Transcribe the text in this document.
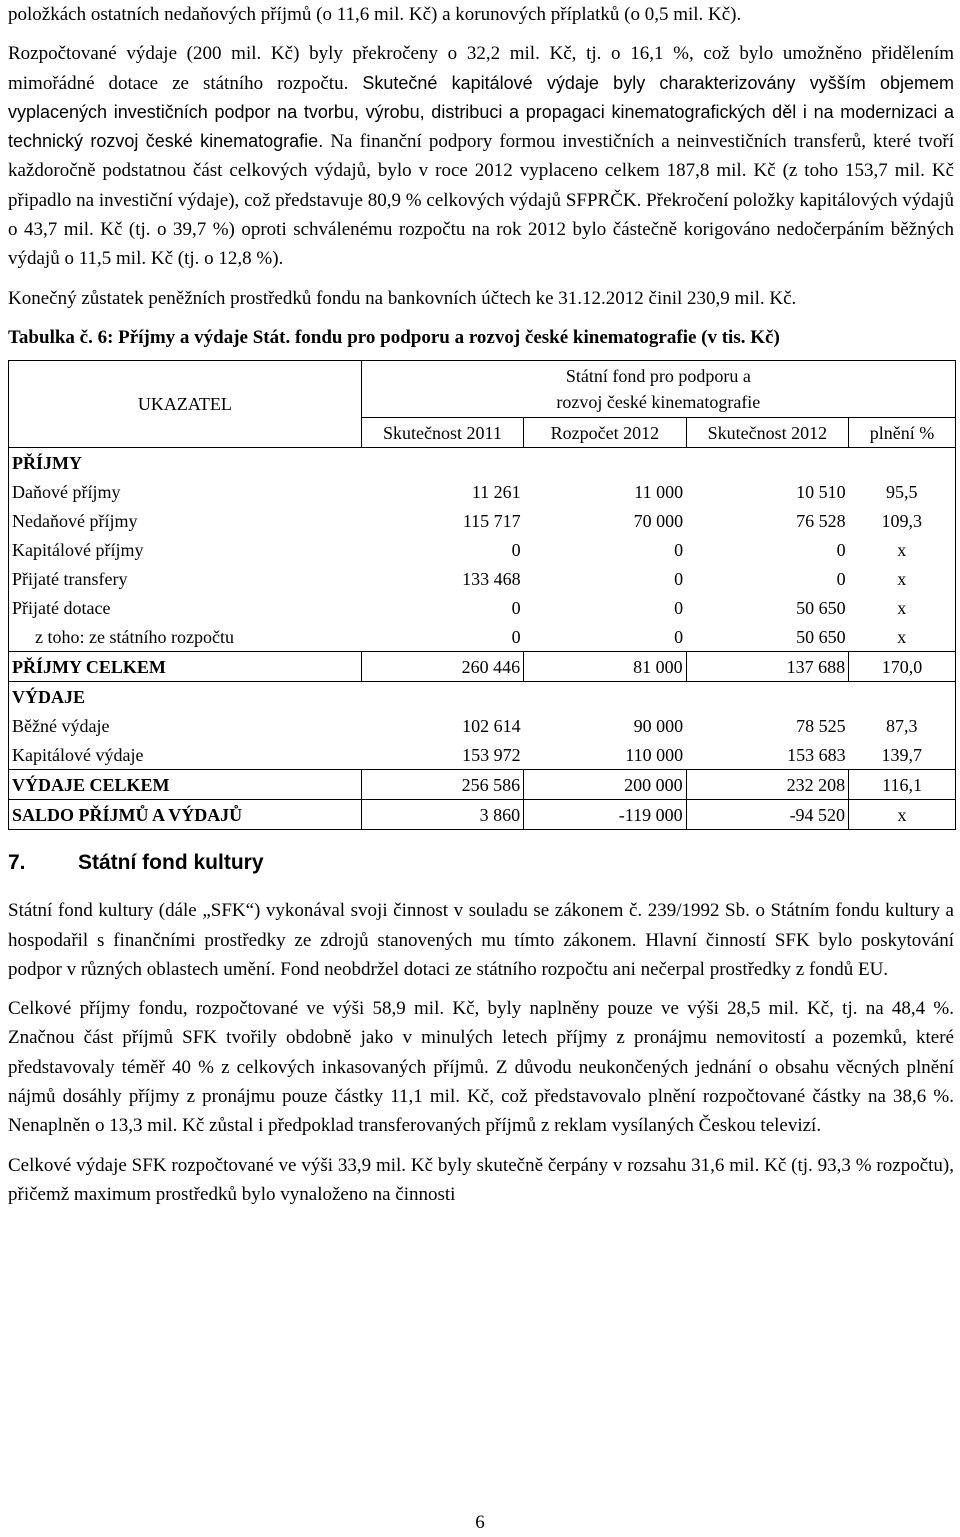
položkách ostatních nedaňových příjmů (o 11,6 mil. Kč) a korunových příplatků (o 0,5 mil. Kč).

Rozpočtované výdaje (200 mil. Kč) byly překročeny o 32,2 mil. Kč, tj. o 16,1 %, což bylo umožněno přidělením mimořádné dotace ze státního rozpočtu. Skutečné kapitálové výdaje byly charakterizovány vyšším objemem vyplacených investičních podpor na tvorbu, výrobu, distribuci a propagaci kinematografických děl i na modernizaci a technický rozvoj české kinematografie. Na finanční podpory formou investičních a neinvestičních transferů, které tvoří každoročně podstatnou část celkových výdajů, bylo v roce 2012 vyplaceno celkem 187,8 mil. Kč (z toho 153,7 mil. Kč připadlo na investiční výdaje), což představuje 80,9 % celkových výdajů SFPRČK. Překročení položky kapitálových výdajů o 43,7 mil. Kč (tj. o 39,7 %) oproti schválenému rozpočtu na rok 2012 bylo částečně korigováno nedočerpáním běžných výdajů o 11,5 mil. Kč (tj. o 12,8 %).

Konečný zůstatek peněžních prostředků fondu na bankovních účtech ke 31.12.2012 činil 230,9 mil. Kč.

Tabulka č. 6: Příjmy a výdaje Stát. fondu pro podporu a rozvoj české kinematografie (v tis. Kč)
UKAZATEL	Státní fond pro podporu a
rozvoj české kinematografie			
	Skutečnost 2011	Rozpočet 2012	Skutečnost 2012	plnění %
PŘÍJMY				
Daňové příjmy	11 261	11 000	10 510	95,5
Nedaňové příjmy	115 717	70 000	76 528	109,3
Kapitálové příjmy	0	0	0	x
Přijaté transfery	133 468	0	0	x
Přijaté dotace	0	0	50 650	x
z toho: ze státního rozpočtu	0	0	50 650	x
PŘÍJMY CELKEM	260 446	81 000	137 688	170,0
VÝDAJE				
Běžné výdaje	102 614	90 000	78 525	87,3
Kapitálové výdaje	153 972	110 000	153 683	139,7
VÝDAJE CELKEM	256 586	200 000	232 208	116,1
SALDO PŘÍJMŮ A VÝDAJŮ	3 860	-119 000	-94 520	x
7. Státní fond kultury

Státní fond kultury (dále „SFK“) vykonával svoji činnost v souladu se zákonem č. 239/1992 Sb. o Státním fondu kultury a hospodařil s finančními prostředky ze zdrojů stanovených mu tímto zákonem. Hlavní činností SFK bylo poskytování podpor v různých oblastech umění. Fond neobdržel dotaci ze státního rozpočtu ani nečerpal prostředky z fondů EU.

Celkové příjmy fondu, rozpočtované ve výši 58,9 mil. Kč, byly naplněny pouze ve výši 28,5 mil. Kč, tj. na 48,4 %. Značnou část příjmů SFK tvořily obdobně jako v minulých letech příjmy z pronájmu nemovitostí a pozemků, které představovaly téměř 40 % z celkových inkasovaných příjmů. Z důvodu neukončených jednání o obsahu věcných plnění nájmů dosáhly příjmy z pronájmu pouze částky 11,1 mil. Kč, což představovalo plnění rozpočtované částky na 38,6 %. Nenaplněn o 13,3 mil. Kč zůstal i předpoklad transferovaných příjmů z reklam vysílaných Českou televizí.

Celkové výdaje SFK rozpočtované ve výši 33,9 mil. Kč byly skutečně čerpány v rozsahu 31,6 mil. Kč (tj. 93,3 % rozpočtu), přičemž maximum prostředků bylo vynaloženo na činnosti

6
